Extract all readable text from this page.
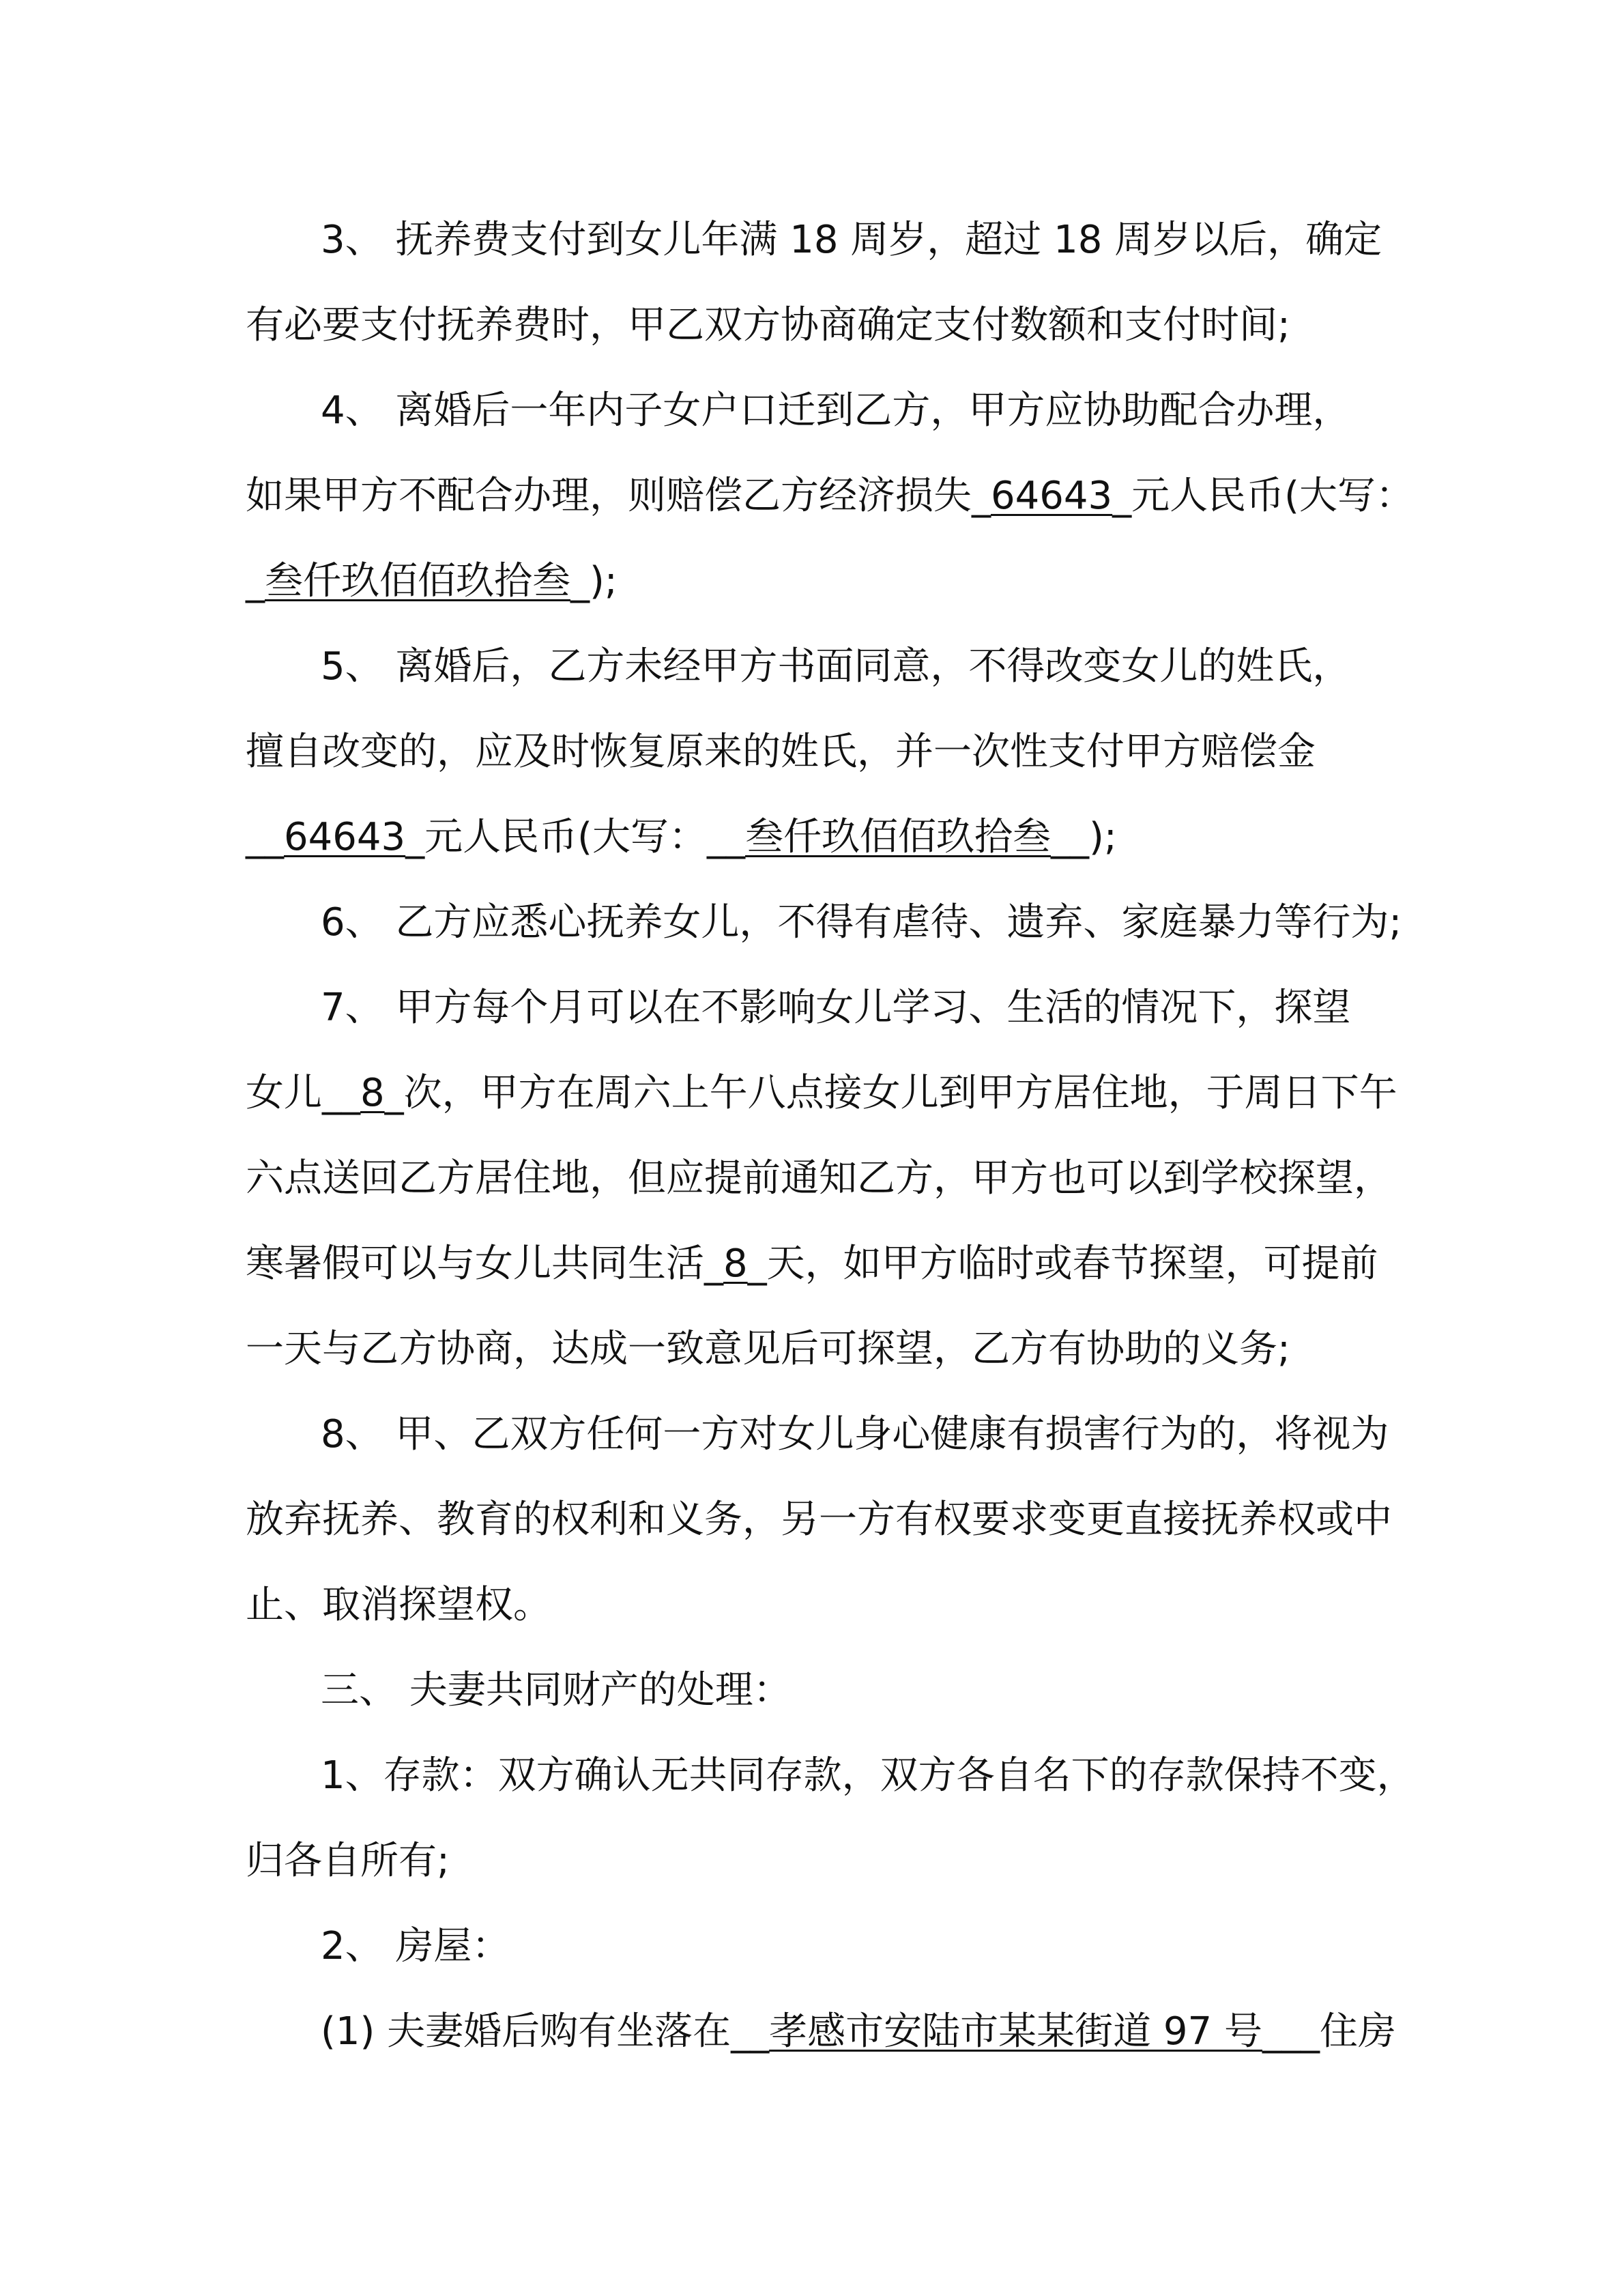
3、 抚养费支付到女儿年满 18 周岁，超过 18 周岁以后，确定
有必要支付抚养费时，甲乙双方协商确定支付数额和支付时间;
4、 离婚后一年内子女户口迁到乙方，甲方应协助配合办理，
如果甲方不配合办理，则赔偿乙方经济损失_64643_元人民币(大写：
_叁仟玖佰佰玖拾叁_);
5、 离婚后，乙方未经甲方书面同意，不得改变女儿的姓氏，
擅自改变的，应及时恢复原来的姓氏，并一次性支付甲方赔偿金
__64643_元人民币(大写：__叁仟玖佰佰玖拾叁__);
6、 乙方应悉心抚养女儿，不得有虐待、遗弃、家庭暴力等行为;
7、 甲方每个月可以在不影响女儿学习、生活的情况下，探望
女儿__8_次，甲方在周六上午八点接女儿到甲方居住地，于周日下午
六点送回乙方居住地，但应提前通知乙方，甲方也可以到学校探望，
寒暑假可以与女儿共同生活_8_天，如甲方临时或春节探望，可提前
一天与乙方协商，达成一致意见后可探望，乙方有协助的义务;
8、 甲、乙双方任何一方对女儿身心健康有损害行为的，将视为
放弃抚养、教育的权利和义务，另一方有权要求变更直接抚养权或中
止、取消探望权。
三、 夫妻共同财产的处理：
1、存款：双方确认无共同存款，双方各自名下的存款保持不变，
归各自所有;
2、 房屋：
(1) 夫妻婚后购有坐落在__孝感市安陆市某某街道 97 号___住房
